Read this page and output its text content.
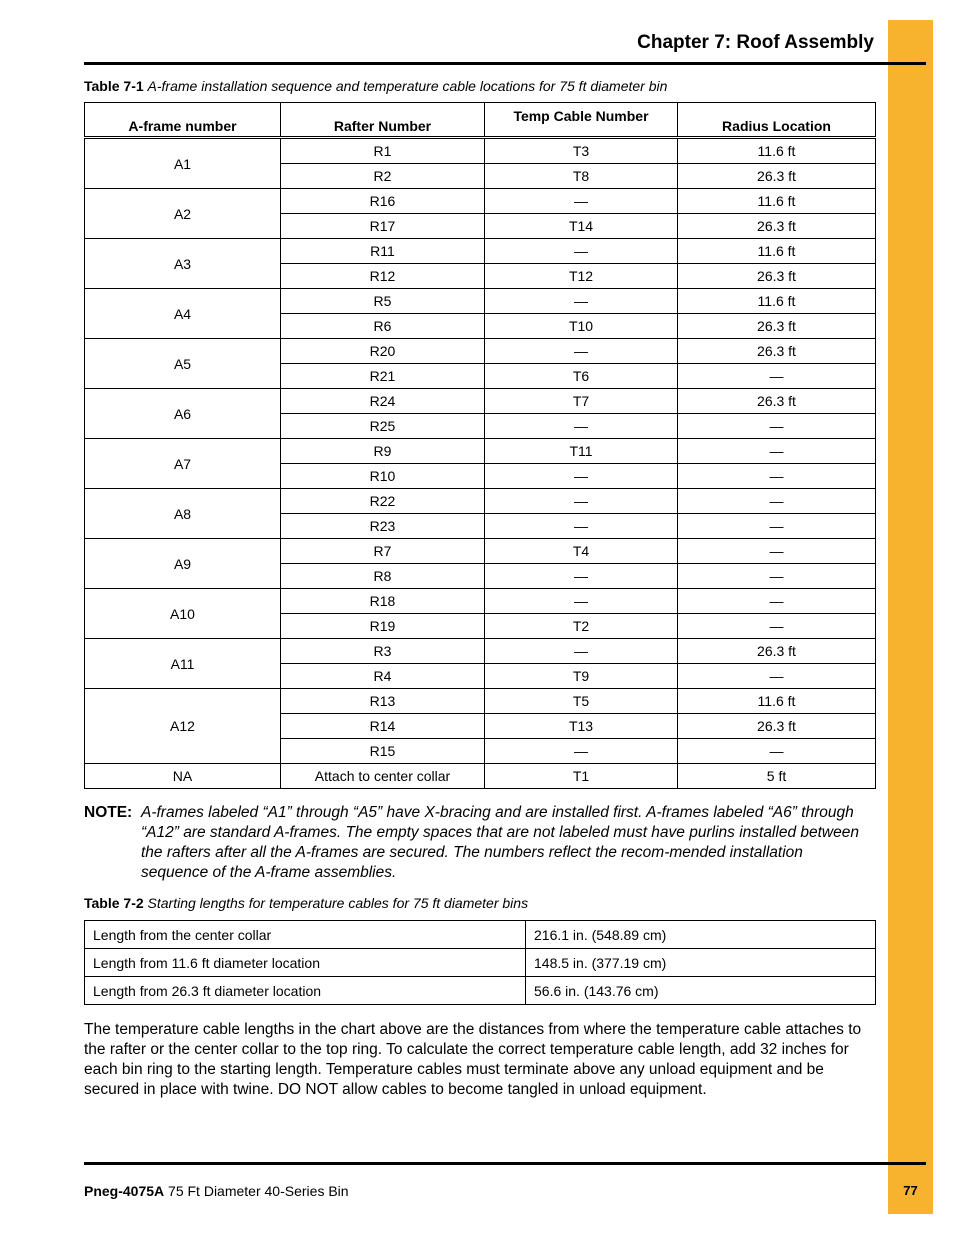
Chapter 7: Roof Assembly
Table 7-1 A-frame installation sequence and temperature cable locations for 75 ft diameter bin
A-frame number	Rafter Number	Temp Cable Number	Radius Location
A1	R1	T3	11.6 ft
	R2	T8	26.3 ft
A2	R16	—	11.6 ft
	R17	T14	26.3 ft
A3	R11	—	11.6 ft
	R12	T12	26.3 ft
A4	R5	—	11.6 ft
	R6	T10	26.3 ft
A5	R20	—	26.3 ft
	R21	T6	—
A6	R24	T7	26.3 ft
	R25	—	—
A7	R9	T11	—
	R10	—	—
A8	R22	—	—
	R23	—	—
A9	R7	T4	—
	R8	—	—
A10	R18	—	—
	R19	T2	—
A11	R3	—	26.3 ft
	R4	T9	—
A12	R13	T5	11.6 ft
	R14	T13	26.3 ft
	R15	—	—
NA	Attach to center collar	T1	5 ft
NOTE: A-frames labeled “A1” through “A5” have X-bracing and are installed first. A-frames labeled “A6” through “A12” are standard A-frames. The empty spaces that are not labeled must have purlins installed between the rafters after all the A-frames are secured. The numbers reflect the recom-mended installation sequence of the A-frame assemblies.
Table 7-2 Starting lengths for temperature cables for 75 ft diameter bins
Length from the center collar	216.1 in. (548.89 cm)
Length from 11.6 ft diameter location	148.5 in. (377.19 cm)
Length from 26.3 ft diameter location	56.6 in. (143.76 cm)
The temperature cable lengths in the chart above are the distances from where the temperature cable attaches to the rafter or the center collar to the top ring. To calculate the correct temperature cable length, add 32 inches for each bin ring to the starting length. Temperature cables must terminate above any unload equipment and be secured in place with twine. DO NOT allow cables to become tangled in unload equipment.
Pneg-4075A 75 Ft Diameter 40-Series Bin	77
